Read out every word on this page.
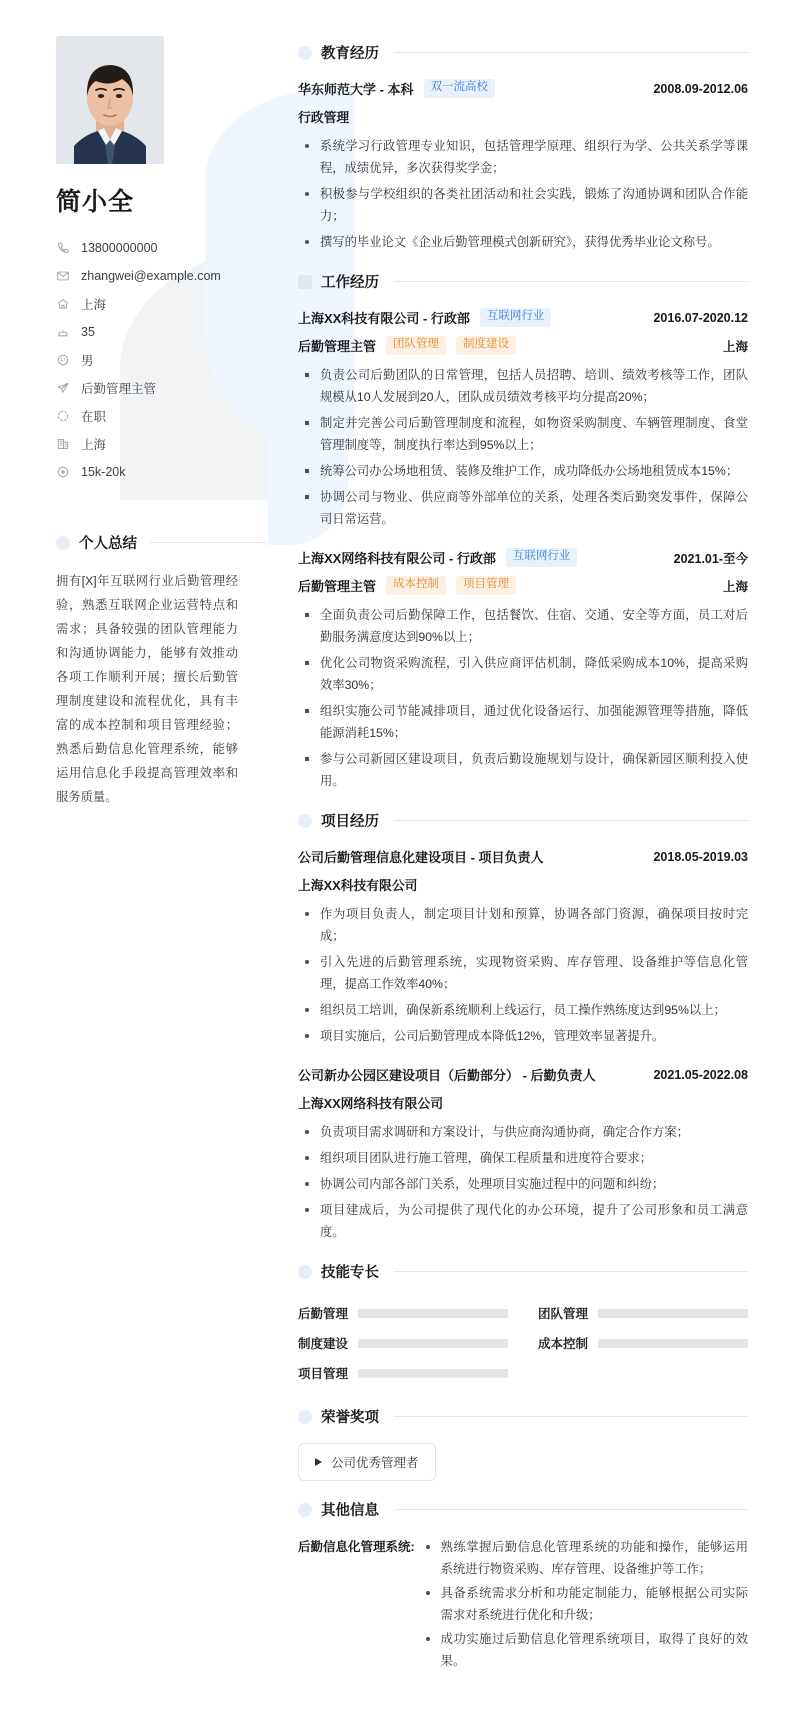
简小全
13800000000
zhangwei@example.com
上海
35
男
后勤管理主管
在职
上海
15k-20k
个人总结

拥有[X]年互联网行业后勤管理经验，熟悉互联网企业运营特点和需求；具备较强的团队管理能力和沟通协调能力，能够有效推动各项工作顺利开展；擅长后勤管理制度建设和流程优化，具有丰富的成本控制和项目管理经验；熟悉后勤信息化管理系统，能够运用信息化手段提高管理效率和服务质量。

教育经历
华东师范大学 - 本科	双一流高校	2008.09-2012.06
行政管理
系统学习行政管理专业知识，包括管理学原理、组织行为学、公共关系学等课程，成绩优异，多次获得奖学金；
积极参与学校组织的各类社团活动和社会实践，锻炼了沟通协调和团队合作能力；
撰写的毕业论文《企业后勤管理模式创新研究》，获得优秀毕业论文称号。
工作经历
上海XX科技有限公司 - 行政部	互联网行业	2016.07-2020.12
后勤管理主管	团队管理	制度建设	上海
负责公司后勤团队的日常管理，包括人员招聘、培训、绩效考核等工作，团队规模从10人发展到20人，团队成员绩效考核平均分提高20%；
制定并完善公司后勤管理制度和流程，如物资采购制度、车辆管理制度、食堂管理制度等，制度执行率达到95%以上；
统筹公司办公场地租赁、装修及维护工作，成功降低办公场地租赁成本15%；
协调公司与物业、供应商等外部单位的关系，处理各类后勤突发事件，保障公司日常运营。
上海XX网络科技有限公司 - 行政部	互联网行业	2021.01-至今
后勤管理主管	成本控制	项目管理	上海
全面负责公司后勤保障工作，包括餐饮、住宿、交通、安全等方面，员工对后勤服务满意度达到90%以上；
优化公司物资采购流程，引入供应商评估机制，降低采购成本10%，提高采购效率30%；
组织实施公司节能减排项目，通过优化设备运行、加强能源管理等措施，降低能源消耗15%；
参与公司新园区建设项目，负责后勤设施规划与设计，确保新园区顺利投入使用。
项目经历
公司后勤管理信息化建设项目 - 项目负责人	2018.05-2019.03
上海XX科技有限公司
作为项目负责人，制定项目计划和预算，协调各部门资源，确保项目按时完成；
引入先进的后勤管理系统，实现物资采购、库存管理、设备维护等信息化管理，提高工作效率40%；
组织员工培训，确保新系统顺利上线运行，员工操作熟练度达到95%以上；
项目实施后，公司后勤管理成本降低12%，管理效率显著提升。
公司新办公园区建设项目（后勤部分） - 后勤负责人	2021.05-2022.08
上海XX网络科技有限公司
负责项目需求调研和方案设计，与供应商沟通协商，确定合作方案；
组织项目团队进行施工管理，确保工程质量和进度符合要求；
协调公司内部各部门关系，处理项目实施过程中的问题和纠纷；
项目建成后，为公司提供了现代化的办公环境，提升了公司形象和员工满意度。
技能专长
后勤管理	团队管理
制度建设	成本控制
项目管理
荣誉奖项
公司优秀管理者
其他信息
后勤信息化管理系统:	熟练掌握后勤信息化管理系统的功能和操作，能够运用系统进行物资采购、库存管理、设备维护等工作；
具备系统需求分析和功能定制能力，能够根据公司实际需求对系统进行优化和升级；
成功实施过后勤信息化管理系统项目，取得了良好的效果。
